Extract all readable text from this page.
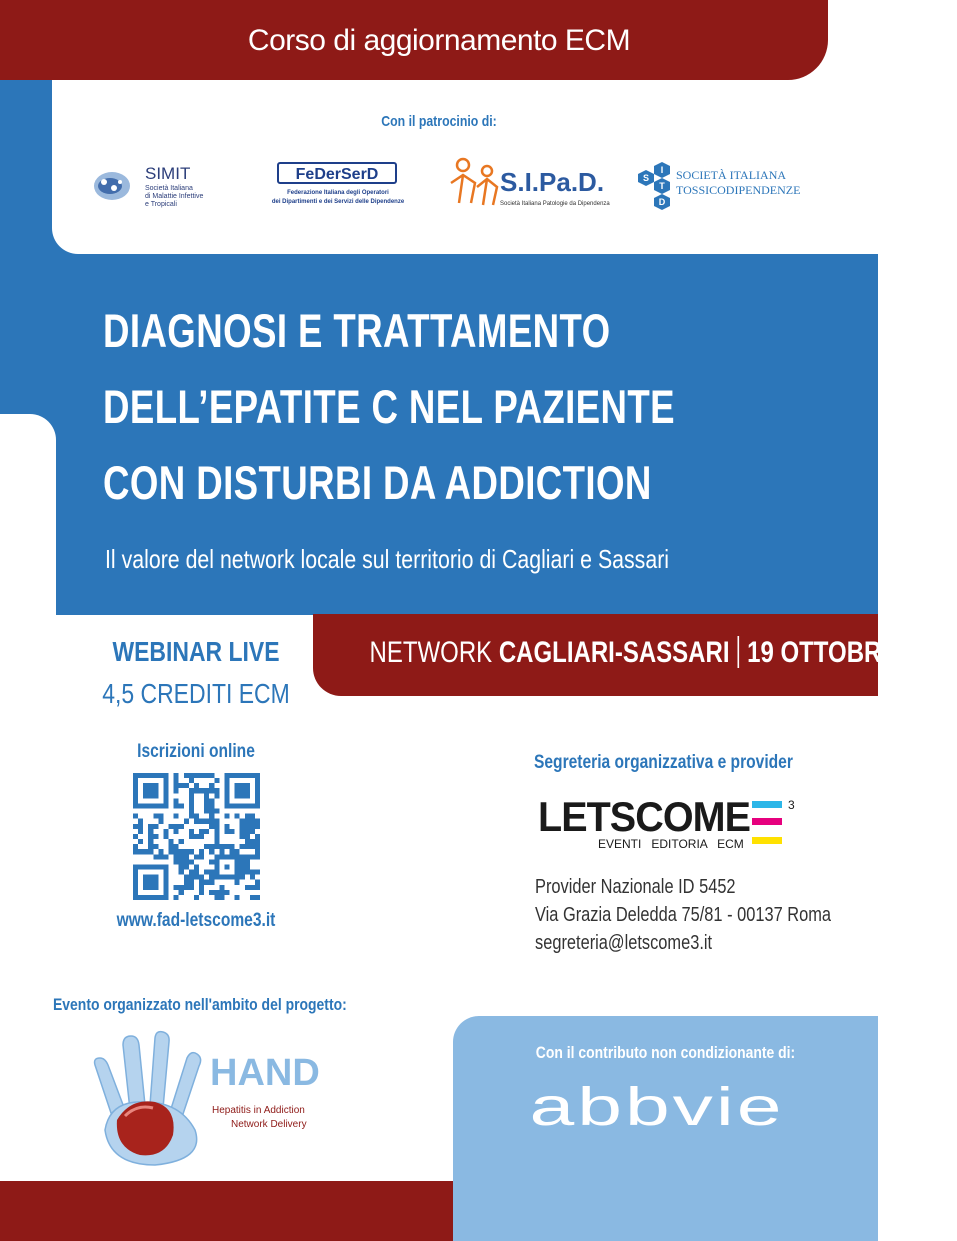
Corso di aggiornamento ECM
Con il patrocinio di:
SIMIT
Società Italiana
di Malattie Infettive
e Tropicali
FeDerSerD
Federazione Italiana degli Operatori
dei Dipartimenti e dei Servizi delle Dipendenze
S.I.Pa.D.
Società Italiana Patologie da Dipendenza
S
I
T
D
SOCIETÀ ITALIANA
TOSSICODIPENDENZE
DIAGNOSI E TRATTAMENTO
DELL’EPATITE C NEL PAZIENTE
CON DISTURBI DA ADDICTION
Il valore del network locale sul territorio di Cagliari e Sassari
WEBINAR LIVE
4,5 CREDITI ECM
NETWORK CAGLIARI-SASSARI 19 OTTOBRE 2021
Iscrizioni online
www.fad-letscome3.it
Segreteria organizzativa e provider
LETSCOME	3
EVENTI   EDITORIA   ECM
Provider Nazionale ID 5452
Via Grazia Deledda 75/81 - 00137 Roma
segreteria@letscome3.it
Evento organizzato nell'ambito del progetto:
HAND
Hepatitis in Addiction
Network Delivery
Con il contributo non condizionante di:
abbvie
